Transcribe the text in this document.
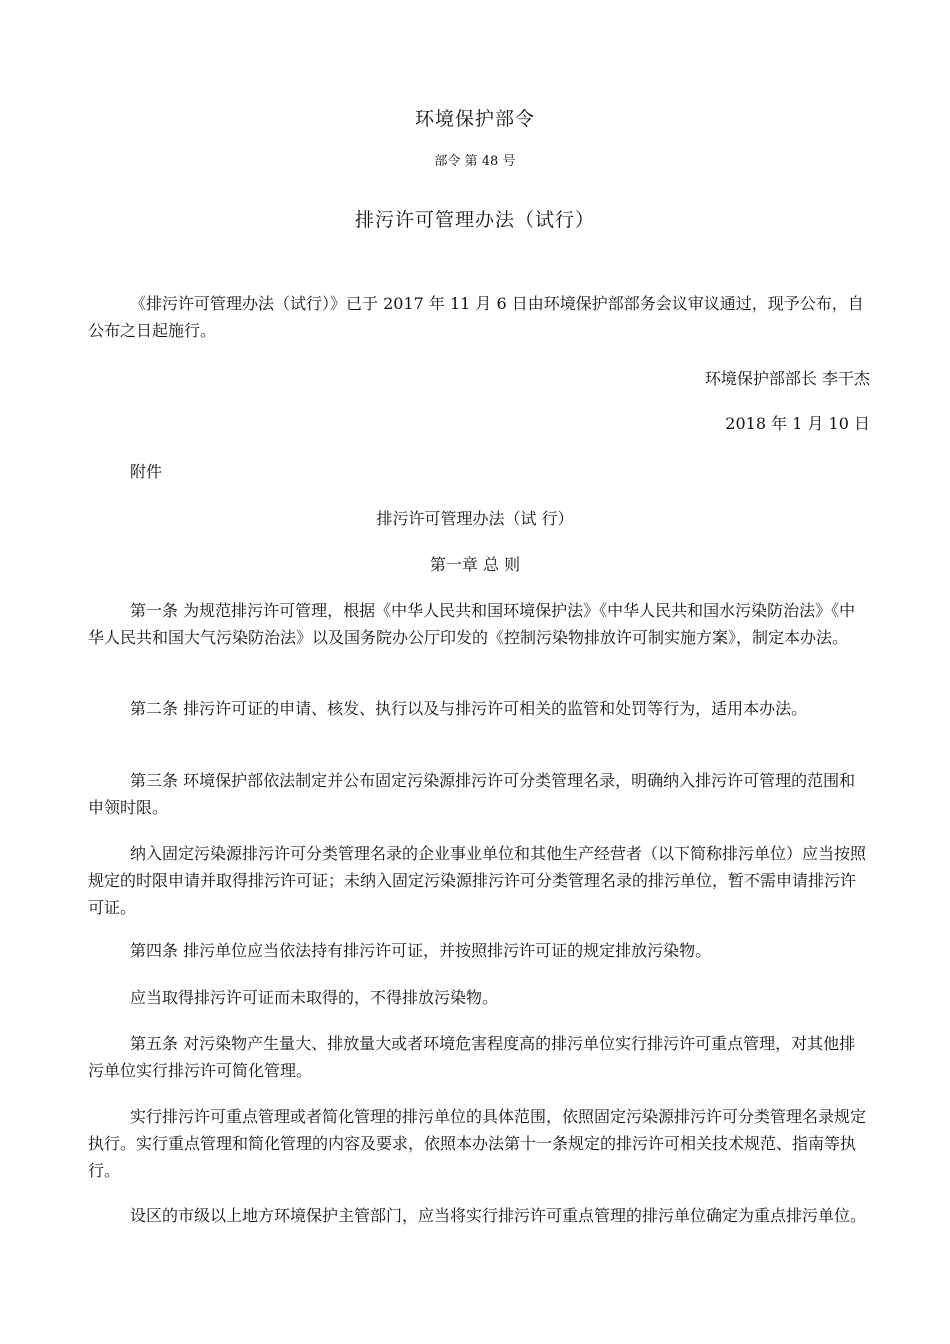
环境保护部令
部令 第 48 号
排污许可管理办法（试行）

《排污许可管理办法（试行）》已于 2017 年 11 月 6 日由环境保护部部务会议审议通过，现予公布，自公布之日起施行。

环境保护部部长 李干杰
2018 年 1 月 10 日
附件
排污许可管理办法（试 行）
第一章 总 则

第一条 为规范排污许可管理，根据《中华人民共和国环境保护法》《中华人民共和国水污染防治法》《中华人民共和国大气污染防治法》以及国务院办公厅印发的《控制污染物排放许可制实施方案》，制定本办法。

第二条 排污许可证的申请、核发、执行以及与排污许可相关的监管和处罚等行为，适用本办法。

第三条 环境保护部依法制定并公布固定污染源排污许可分类管理名录，明确纳入排污许可管理的范围和申领时限。

纳入固定污染源排污许可分类管理名录的企业事业单位和其他生产经营者（以下简称排污单位）应当按照规定的时限申请并取得排污许可证；未纳入固定污染源排污许可分类管理名录的排污单位，暂不需申请排污许可证。

第四条 排污单位应当依法持有排污许可证，并按照排污许可证的规定排放污染物。

应当取得排污许可证而未取得的，不得排放污染物。

第五条 对污染物产生量大、排放量大或者环境危害程度高的排污单位实行排污许可重点管理，对其他排污单位实行排污许可简化管理。

实行排污许可重点管理或者简化管理的排污单位的具体范围，依照固定污染源排污许可分类管理名录规定执行。实行重点管理和简化管理的内容及要求，依照本办法第十一条规定的排污许可相关技术规范、指南等执行。

设区的市级以上地方环境保护主管部门，应当将实行排污许可重点管理的排污单位确定为重点排污单位。
